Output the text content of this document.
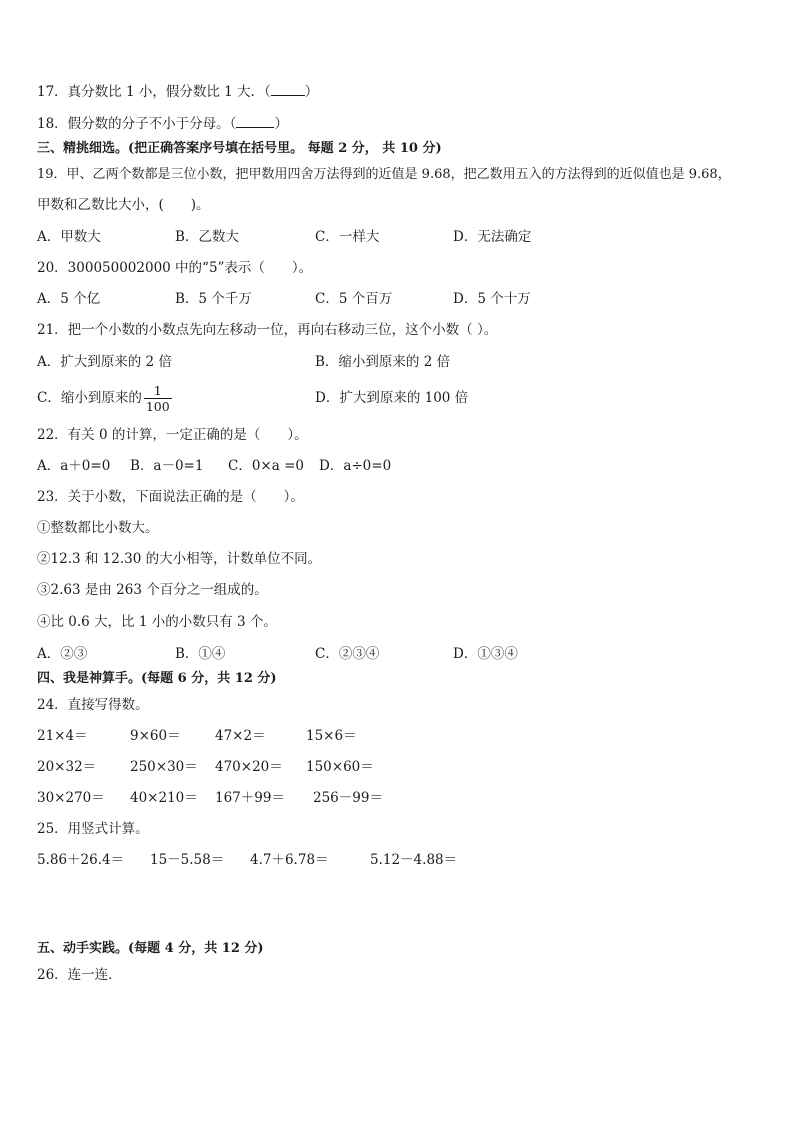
17．真分数比 1 小，假分数比 1 大．（	）
18．假分数的分子不小于分母。（	）
三、精挑细选。(把正确答案序号填在括号里。 每题 2 分， 共 10 分)
19．甲、乙两个数都是三位小数，把甲数用四舍万法得到的近值是 9.68，把乙数用五入的方法得到的近似值也是 9.68，
甲数和乙数比大小，(　　)。
A．甲数大	B．乙数大	C．一样大	D．无法确定
20．300050002000 中的“5”表示（　　）。
A．5 个亿	B．5 个千万	C．5 个百万	D．5 个十万
21．把一个小数的小数点先向左移动一位，再向右移动三位，这个小数（ ）。
A．扩大到原来的 2 倍	B．缩小到原来的 2 倍
C．缩小到原来的 $\frac{1}{100}$	D．扩大到原来的 100 倍
22．有关 0 的计算，一定正确的是（　　）。
A．a＋0=0 B．a－0=1 C．0×a =0 D．a÷0=0
23．关于小数，下面说法正确的是（　　）。
①整数都比小数大。
②12.3 和 12.30 的大小相等，计数单位不同。
③2.63 是由 263 个百分之一组成的。
④比 0.6 大，比 1 小的小数只有 3 个。
A．②③	B．①④	C．②③④	D．①③④
四、我是神算手。(每题 6 分，共 12 分)
24．直接写得数。
21×4＝	9×60＝	47×2＝	15×6＝
20×32＝	250×30＝ 470×20＝ 150×60＝
30×270＝ 40×210＝ 167＋99＝ 256－99＝
25．用竖式计算。
5.86＋26.4＝ 15－5.58＝ 4.7＋6.78＝	5.12－4.88＝
五、动手实践。(每题 4 分，共 12 分)
26．连一连．
